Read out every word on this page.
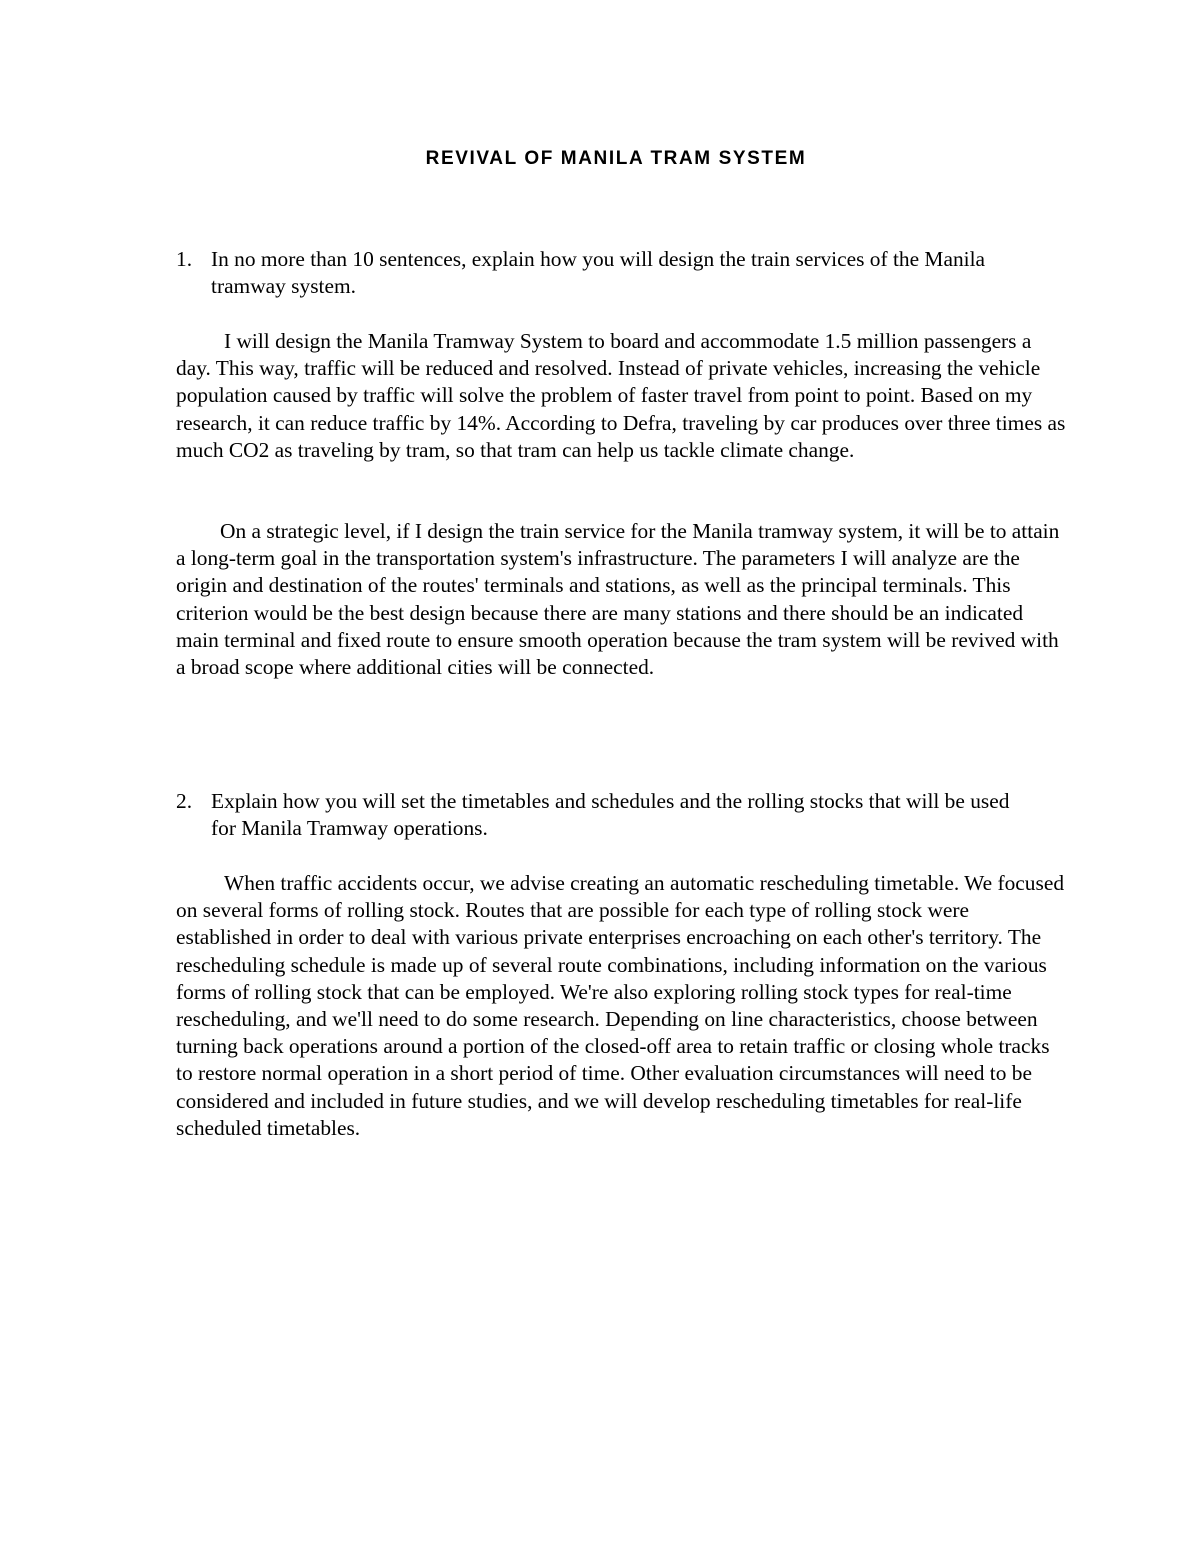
REVIVAL OF MANILA TRAM SYSTEM
1. In no more than 10 sentences, explain how you will design the train services of the Manila tramway system.

I will design the Manila Tramway System to board and accommodate 1.5 million passengers a day. This way, traffic will be reduced and resolved. Instead of private vehicles, increasing the vehicle population caused by traffic will solve the problem of faster travel from point to point. Based on my research, it can reduce traffic by 14%. According to Defra, traveling by car produces over three times as much CO2 as traveling by tram, so that tram can help us tackle climate change.

On a strategic level, if I design the train service for the Manila tramway system, it will be to attain a long-term goal in the transportation system's infrastructure. The parameters I will analyze are the origin and destination of the routes' terminals and stations, as well as the principal terminals. This criterion would be the best design because there are many stations and there should be an indicated main terminal and fixed route to ensure smooth operation because the tram system will be revived with a broad scope where additional cities will be connected.

2. Explain how you will set the timetables and schedules and the rolling stocks that will be used for Manila Tramway operations.

When traffic accidents occur, we advise creating an automatic rescheduling timetable. We focused on several forms of rolling stock. Routes that are possible for each type of rolling stock were established in order to deal with various private enterprises encroaching on each other's territory. The rescheduling schedule is made up of several route combinations, including information on the various forms of rolling stock that can be employed. We're also exploring rolling stock types for real-time rescheduling, and we'll need to do some research. Depending on line characteristics, choose between turning back operations around a portion of the closed-off area to retain traffic or closing whole tracks to restore normal operation in a short period of time. Other evaluation circumstances will need to be considered and included in future studies, and we will develop rescheduling timetables for real-life scheduled timetables.
